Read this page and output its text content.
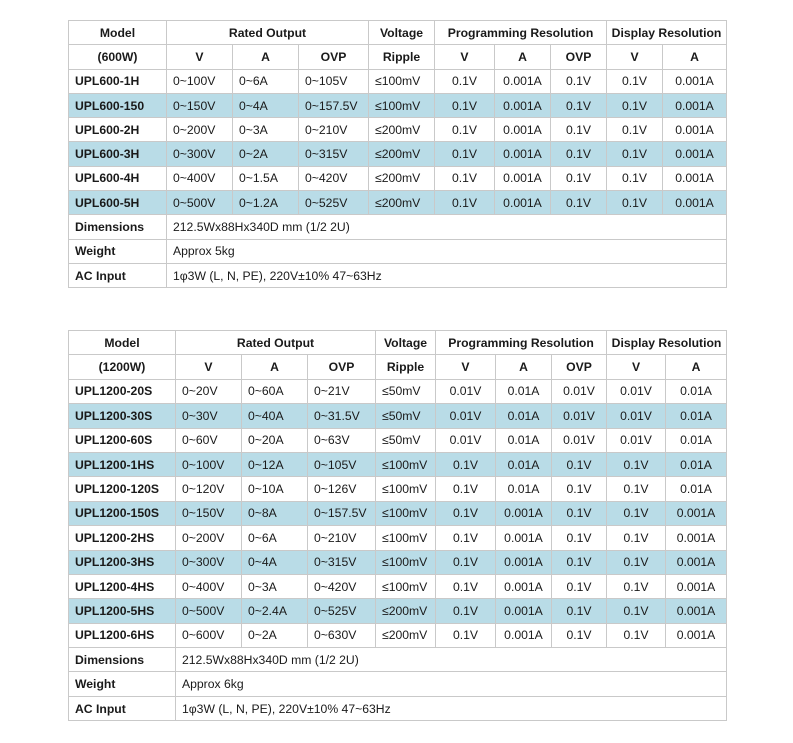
Model	Rated Output			Voltage	Programming Resolution			Display Resolution	
(600W)	V	A	OVP	Ripple	V	A	OVP	V	A
UPL600-1H	0~100V	0~6A	0~105V	≤100mV	0.1V	0.001A	0.1V	0.1V	0.001A
UPL600-150	0~150V	0~4A	0~157.5V	≤100mV	0.1V	0.001A	0.1V	0.1V	0.001A
UPL600-2H	0~200V	0~3A	0~210V	≤200mV	0.1V	0.001A	0.1V	0.1V	0.001A
UPL600-3H	0~300V	0~2A	0~315V	≤200mV	0.1V	0.001A	0.1V	0.1V	0.001A
UPL600-4H	0~400V	0~1.5A	0~420V	≤200mV	0.1V	0.001A	0.1V	0.1V	0.001A
UPL600-5H	0~500V	0~1.2A	0~525V	≤200mV	0.1V	0.001A	0.1V	0.1V	0.001A
Dimensions	212.5Wx88Hx340D mm (1/2 2U)								
Weight	Approx 5kg								
AC Input	1φ3W (L, N, PE), 220V±10% 47~63Hz								
Model	Rated Output			Voltage	Programming Resolution			Display Resolution	
(1200W)	V	A	OVP	Ripple	V	A	OVP	V	A
UPL1200-20S	0~20V	0~60A	0~21V	≤50mV	0.01V	0.01A	0.01V	0.01V	0.01A
UPL1200-30S	0~30V	0~40A	0~31.5V	≤50mV	0.01V	0.01A	0.01V	0.01V	0.01A
UPL1200-60S	0~60V	0~20A	0~63V	≤50mV	0.01V	0.01A	0.01V	0.01V	0.01A
UPL1200-1HS	0~100V	0~12A	0~105V	≤100mV	0.1V	0.01A	0.1V	0.1V	0.01A
UPL1200-120S	0~120V	0~10A	0~126V	≤100mV	0.1V	0.01A	0.1V	0.1V	0.01A
UPL1200-150S	0~150V	0~8A	0~157.5V	≤100mV	0.1V	0.001A	0.1V	0.1V	0.001A
UPL1200-2HS	0~200V	0~6A	0~210V	≤100mV	0.1V	0.001A	0.1V	0.1V	0.001A
UPL1200-3HS	0~300V	0~4A	0~315V	≤100mV	0.1V	0.001A	0.1V	0.1V	0.001A
UPL1200-4HS	0~400V	0~3A	0~420V	≤100mV	0.1V	0.001A	0.1V	0.1V	0.001A
UPL1200-5HS	0~500V	0~2.4A	0~525V	≤200mV	0.1V	0.001A	0.1V	0.1V	0.001A
UPL1200-6HS	0~600V	0~2A	0~630V	≤200mV	0.1V	0.001A	0.1V	0.1V	0.001A
Dimensions	212.5Wx88Hx340D mm (1/2 2U)								
Weight	Approx 6kg								
AC Input	1φ3W (L, N, PE), 220V±10% 47~63Hz								
